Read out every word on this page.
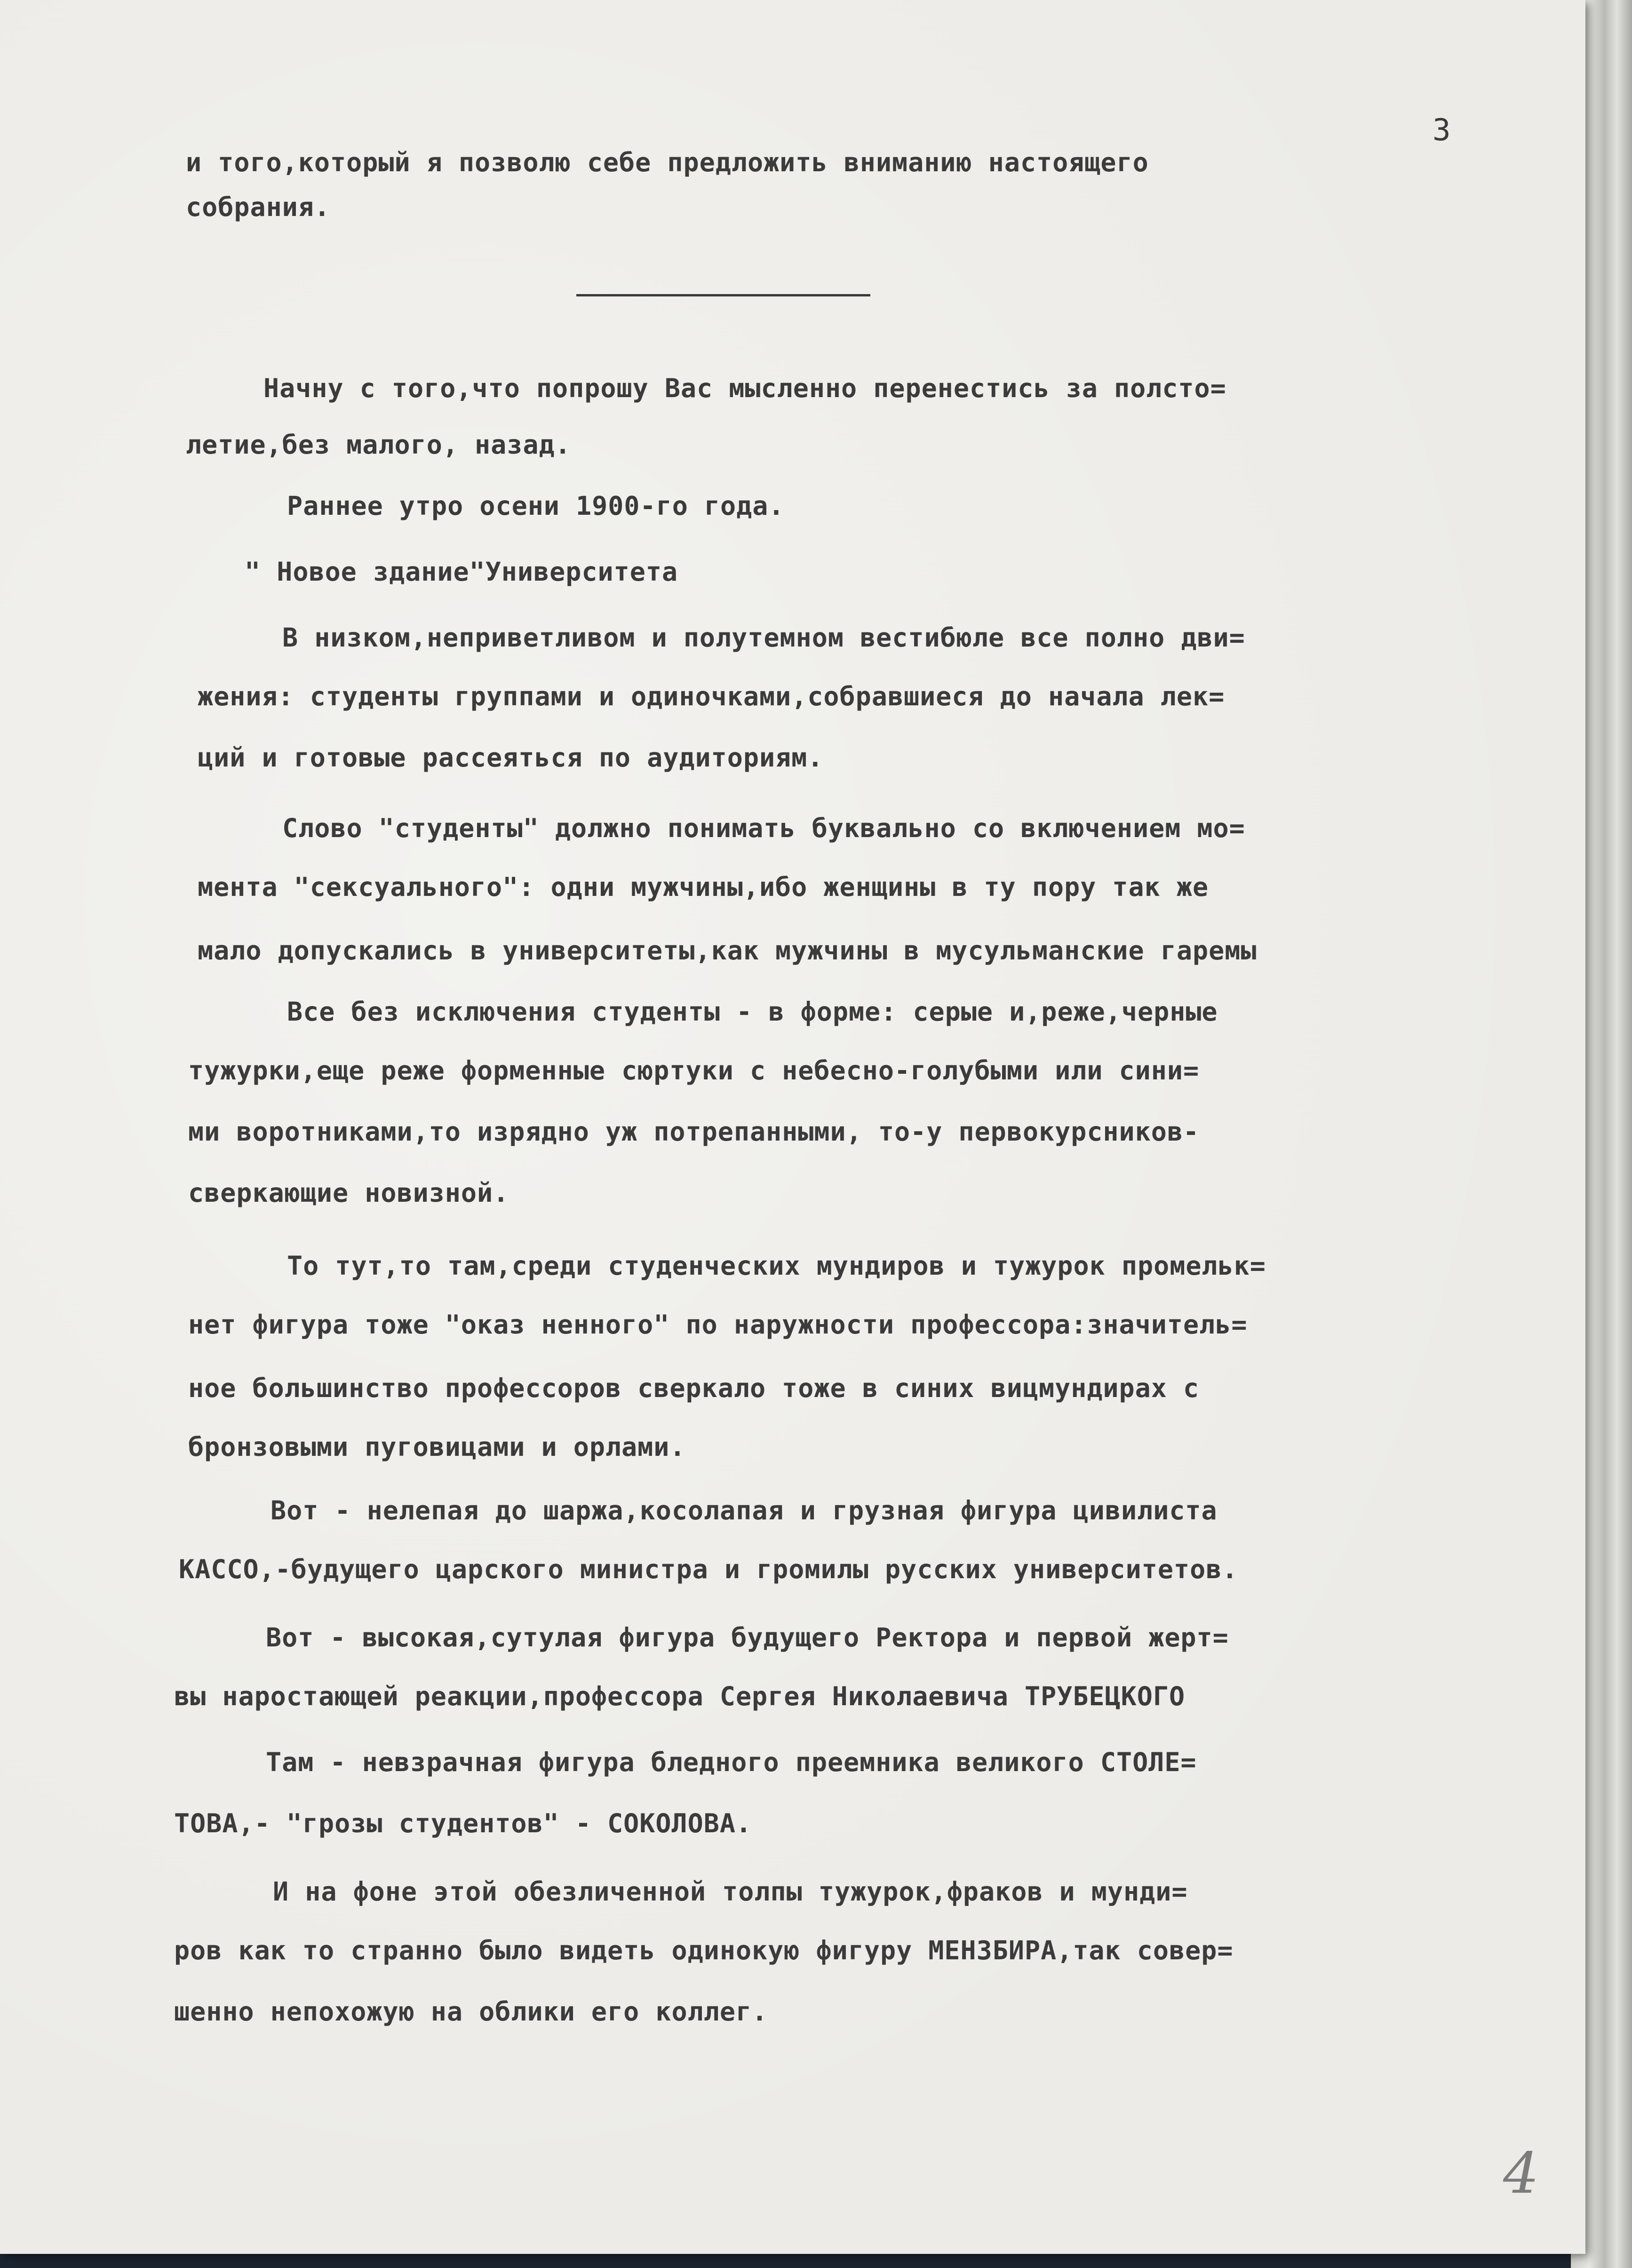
3
и того,который я позволю себе предложить вниманию настоящего
собрания.
Начну с того,что попрошу Вас мысленно перенестись за полсто=
летие,без малого, назад.
Раннее утро осени 1900-го года.
" Новое здание"Университета
В низком,неприветливом и полутемном вестибюле все полно дви=
жения: студенты группами и одиночками,собравшиеся до начала лек=
ций и готовые рассеяться по аудиториям.
Слово "студенты" должно понимать буквально со включением мо=
мента "сексуального": одни мужчины,ибо женщины в ту пору так же
мало допускались в университеты,как мужчины в мусульманские гаремы
Все без исключения студенты - в форме: серые и,реже,черные
тужурки,еще реже форменные сюртуки с небесно-голубыми или сини=
ми воротниками,то изрядно уж потрепанными, то-у первокурсников-
сверкающие новизной.
То тут,то там,среди студенческих мундиров и тужурок промельк=
нет фигура тоже "оказ ненного" по наружности профессора:значитель=
ное большинство профессоров сверкало тоже в синих вицмундирах с
бронзовыми пуговицами и орлами.
Вот - нелепая до шаржа,косолапая и грузная фигура цивилиста
КАССО,-будущего царского министра и громилы русских университетов.
Вот - высокая,сутулая фигура будущего Ректора и первой жерт=
вы наростающей реакции,профессора Сергея Николаевича ТРУБЕЦКОГО
Там - невзрачная фигура бледного преемника великого СТОЛЕ=
ТОВА,- "грозы студентов" - СОКОЛОВА.
И на фоне этой обезличенной толпы тужурок,фраков и мунди=
ров как то странно было видеть одинокую фигуру МЕНЗБИРА,так совер=
шенно непохожую на облики его коллег.
4
